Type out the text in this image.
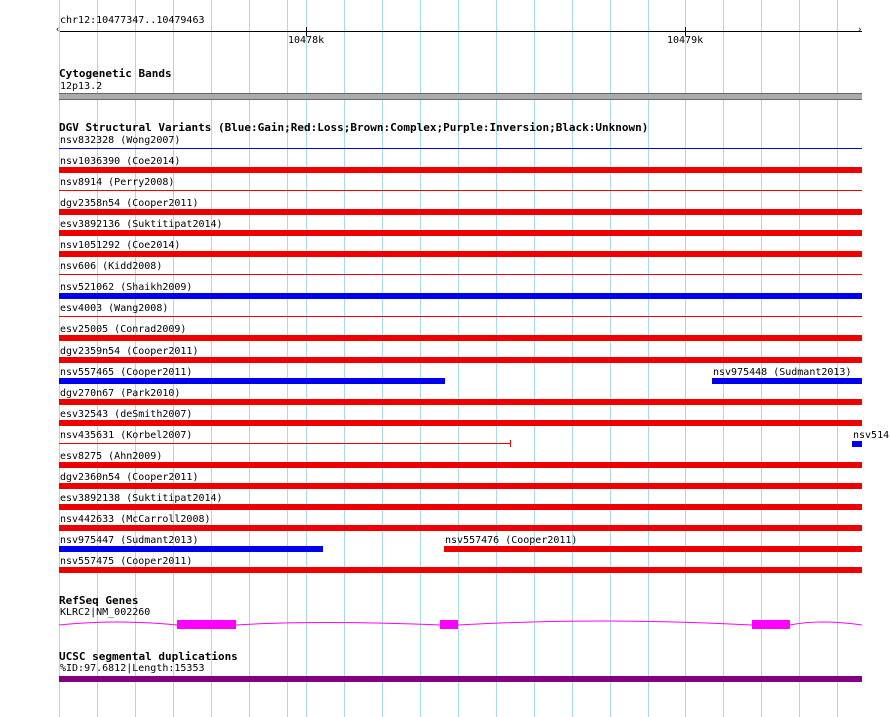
chr12:10477347..10479463
‹	›
10478k	10479k
Cytogenetic Bands
12p13.2
DGV Structural Variants (Blue:Gain;Red:Loss;Brown:Complex;Purple:Inversion;Black:Unknown)
nsv832328 (Wong2007)
nsv1036390 (Coe2014)
nsv8914 (Perry2008)
dgv2358n54 (Cooper2011)
esv3892136 (Suktitipat2014)
nsv1051292 (Coe2014)
nsv606 (Kidd2008)
nsv521062 (Shaikh2009)
esv4003 (Wang2008)
esv25005 (Conrad2009)
dgv2359n54 (Cooper2011)
nsv557465 (Cooper2011)	nsv975448 (Sudmant2013)
dgv270n67 (Park2010)
esv32543 (deSmith2007)
nsv435631 (Korbel2007)	nsv514
esv8275 (Ahn2009)
dgv2360n54 (Cooper2011)
esv3892138 (Suktitipat2014)
nsv442633 (McCarroll2008)
nsv975447 (Sudmant2013)	nsv557476 (Cooper2011)
nsv557475 (Cooper2011)
RefSeq Genes
KLRC2|NM_002260
UCSC segmental duplications
%ID:97.6812|Length:15353
